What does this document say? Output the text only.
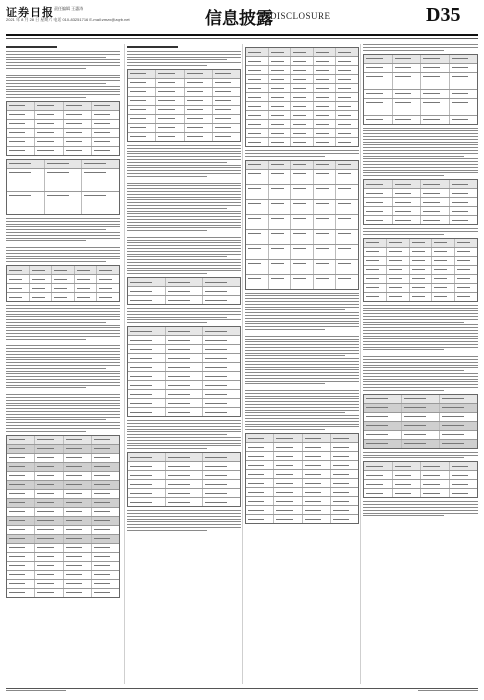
证券日报 责任编辑 王惠涛
2021 年 8 月 28 日 星期六 电话 010-83251716 E-mail:zmzx@zqrb.net	信息披露
DISCLOSURE	D35
